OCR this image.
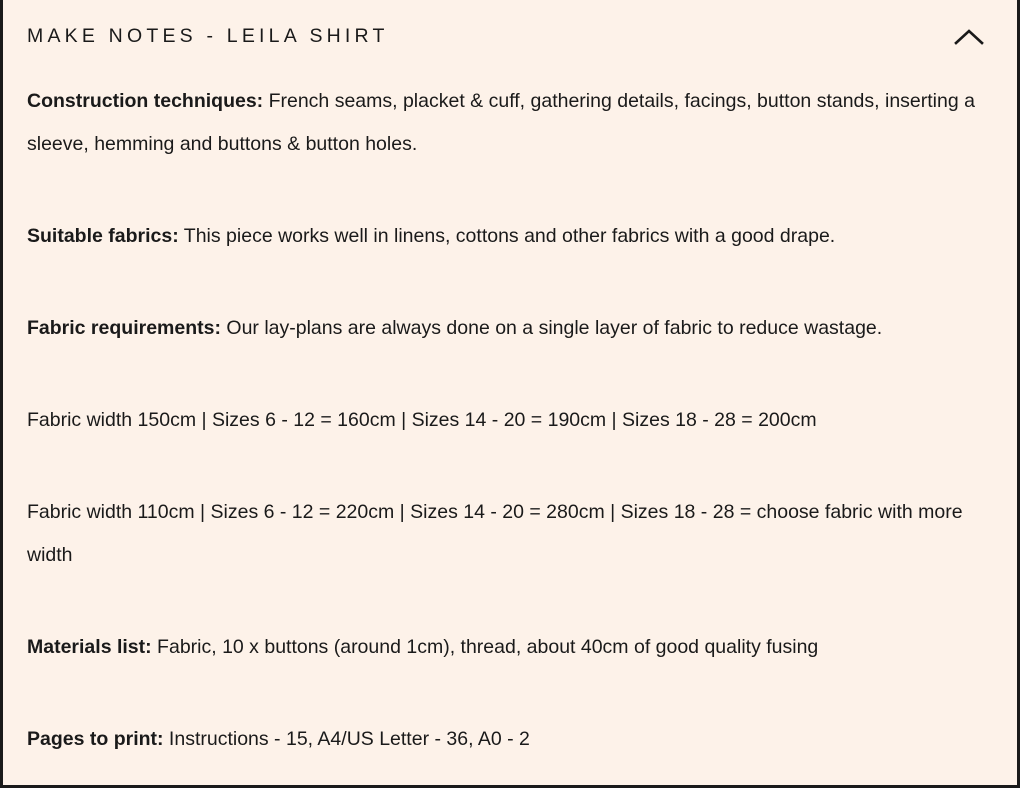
MAKE NOTES - LEILA SHIRT

Construction techniques: French seams, placket & cuff, gathering details, facings, button stands, inserting a sleeve, hemming and buttons & button holes.

Suitable fabrics: This piece works well in linens, cottons and other fabrics with a good drape.

Fabric requirements: Our lay-plans are always done on a single layer of fabric to reduce wastage.

Fabric width 150cm | Sizes 6 - 12 = 160cm | Sizes 14 - 20 = 190cm | Sizes 18 - 28 = 200cm

Fabric width 110cm | Sizes 6 - 12 = 220cm | Sizes 14 - 20 = 280cm | Sizes 18 - 28 = choose fabric with more width

Materials list: Fabric, 10 x buttons (around 1cm), thread, about 40cm of good quality fusing

Pages to print: Instructions - 15, A4/US Letter - 36, A0 - 2
